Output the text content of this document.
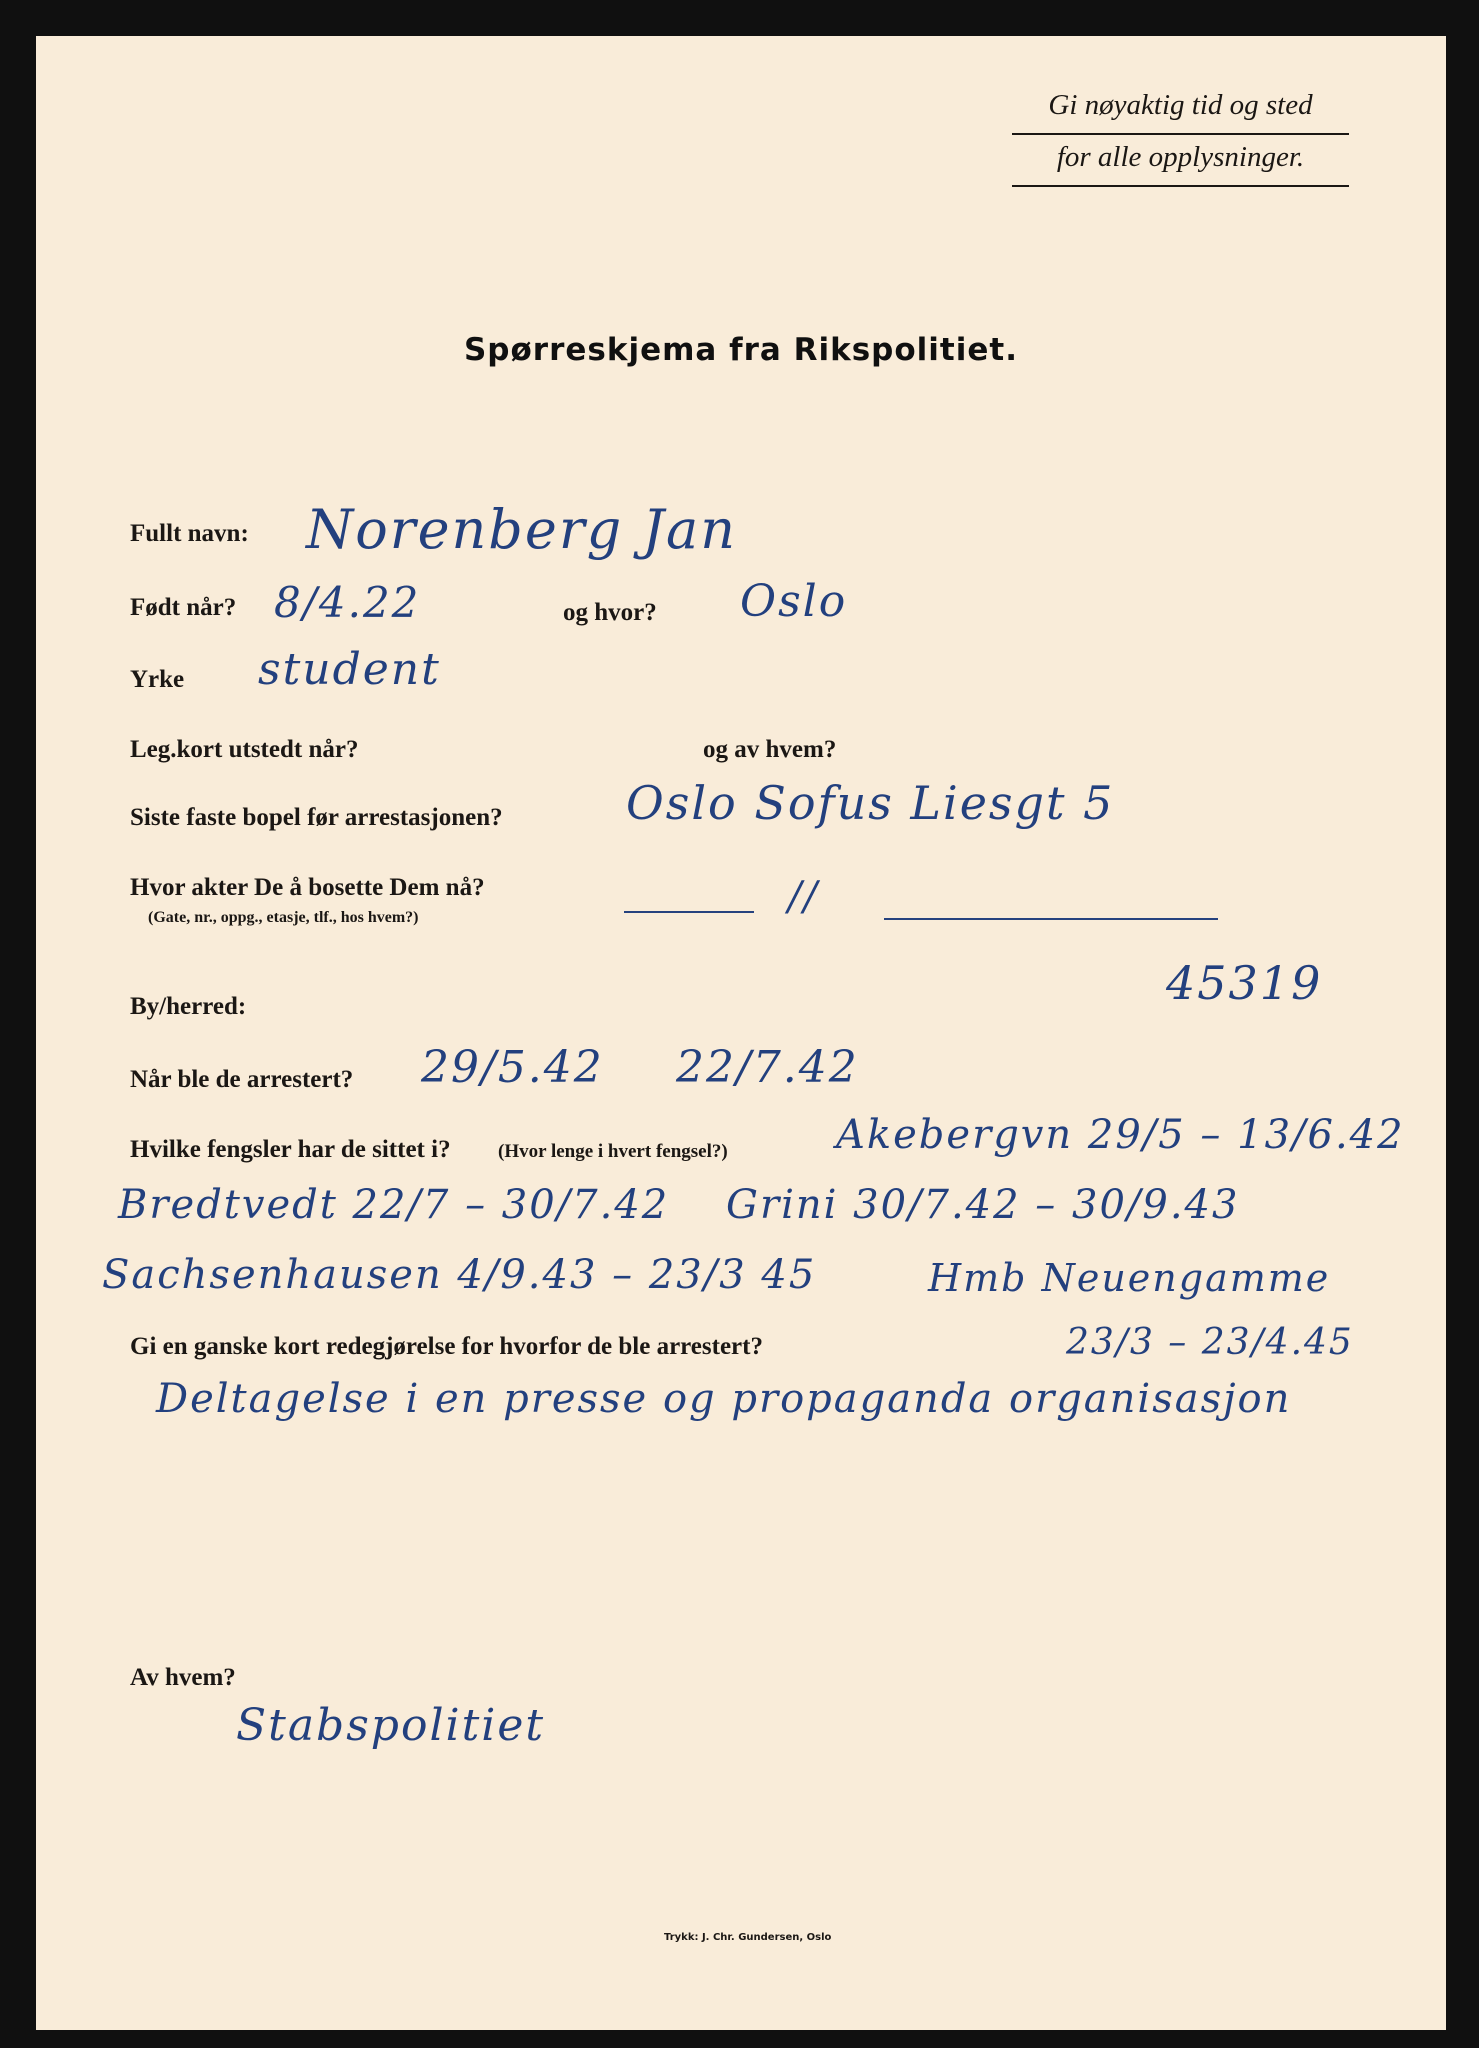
Gi nøyaktig tid og sted
for alle opplysninger.
Spørreskjema fra Rikspolitiet.
Fullt navn: Norenberg Jan
Født når? 8/4.22	og hvor? Oslo
Yrke student
Leg.kort utstedt når?	og av hvem?
Siste faste bopel før arrestasjonen?	Oslo Sofus Liesgt 5
Hvor akter De å bosette Dem nå?
(Gate, nr., oppg., etasje, tlf., hos hvem?)	//
By/herred:	45319
Når ble de arrestert? 29/5.42 22/7.42
Hvilke fengsler har de sittet i? (Hvor lenge i hvert fengsel?)	Akebergvn 29/5 – 13/6.42
Bredtvedt 22/7 – 30/7.42 Grini 30/7.42 – 30/9.43
Sachsenhausen 4/9.43 – 23/3 45	Hmb Neuengamme
Gi en ganske kort redegjørelse for hvorfor de ble arrestert?	23/3 – 23/4.45
Deltagelse i en presse og propaganda organisasjon
Av hvem?
Stabspolitiet
Trykk: J. Chr. Gundersen, Oslo
